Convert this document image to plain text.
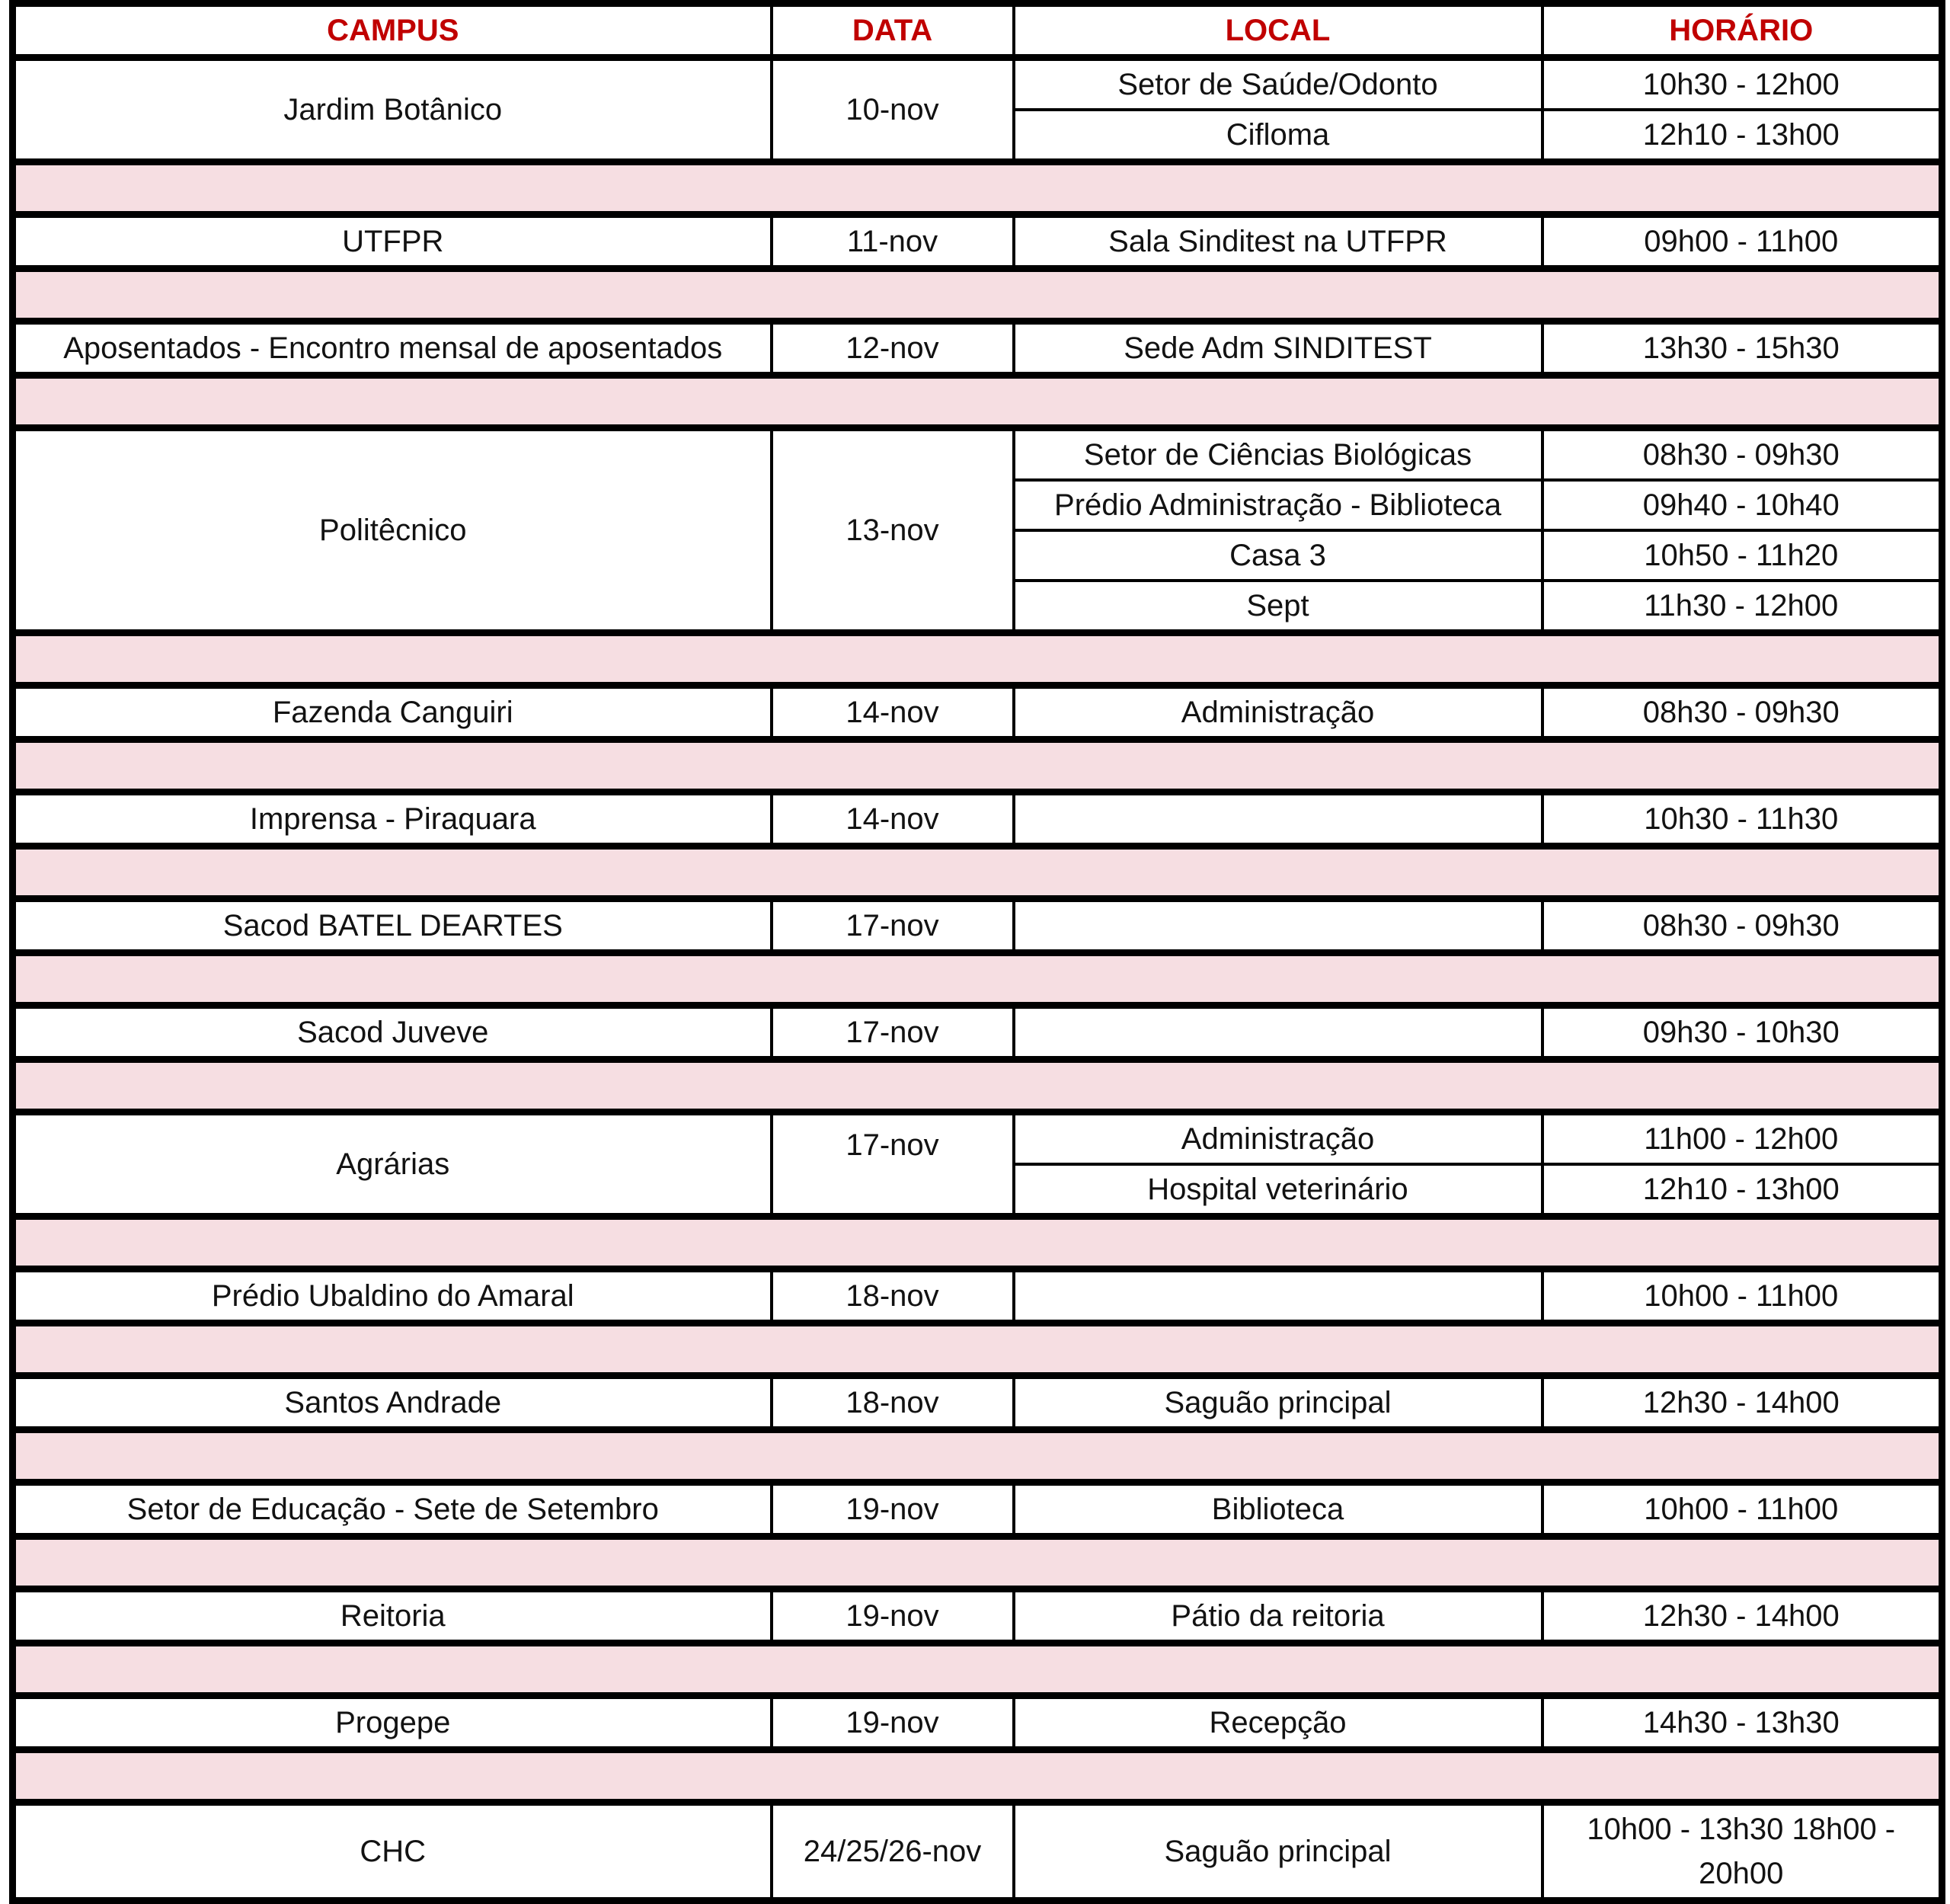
CAMPUS	DATA	LOCAL	HORÁRIO
Jardim Botânico	10-nov	Setor de Saúde/Odonto	10h30 - 12h00
		Cifloma	12h10 - 13h00

UTFPR	11-nov	Sala Sinditest na UTFPR	09h00 - 11h00

Aposentados - Encontro mensal de aposentados	12-nov	Sede Adm SINDITEST	13h30 - 15h30

Politêcnico	13-nov	Setor de Ciências Biológicas	08h30 - 09h30
		Prédio Administração - Biblioteca	09h40 - 10h40
		Casa 3	10h50 - 11h20
		Sept	11h30 - 12h00

Fazenda Canguiri	14-nov	Administração	08h30 - 09h30

Imprensa - Piraquara	14-nov		10h30 - 11h30

Sacod BATEL DEARTES	17-nov		08h30 - 09h30

Sacod Juveve	17-nov		09h30 - 10h30

Agrárias	17-nov	Administração	11h00 - 12h00
		Hospital veterinário	12h10 - 13h00

Prédio Ubaldino do Amaral	18-nov		10h00 - 11h00

Santos Andrade	18-nov	Saguão principal	12h30 - 14h00

Setor de Educação - Sete de Setembro	19-nov	Biblioteca	10h00 - 11h00

Reitoria	19-nov	Pátio da reitoria	12h30 - 14h00

Progepe	19-nov	Recepção	14h30 - 13h30

CHC	24/25/26-nov	Saguão principal	10h00 - 13h30 18h00 - 20h00
